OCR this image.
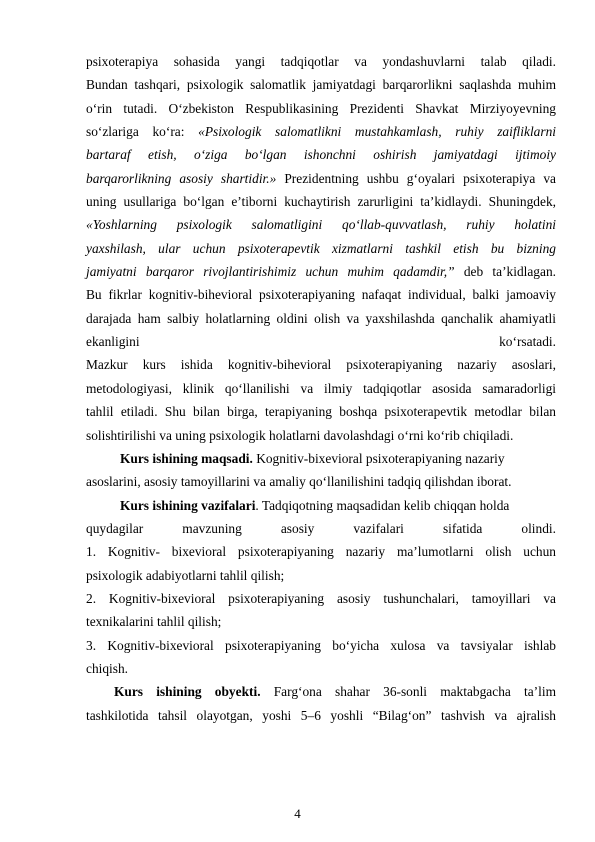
psixoterapiya sohasida yangi tadqiqotlar va yondashuvlarni talab qiladi.

Bundan tashqari, psixologik salomatlik jamiyatdagi barqarorlikni saqlashda muhim

o‘rin tutadi. O‘zbekiston Respublikasining Prezidenti Shavkat Mirziyoyevning

so‘zlariga ko‘ra: «Psixologik salomatlikni mustahkamlash, ruhiy zaifliklarni

bartaraf etish, o‘ziga bo‘lgan ishonchni oshirish jamiyatdagi ijtimoiy

barqarorlikning asosiy shartidir.» Prezidentning ushbu g‘oyalari psixoterapiya va

uning usullariga bo‘lgan e’tiborni kuchaytirish zarurligini ta’kidlaydi. Shuningdek,

«Yoshlarning psixologik salomatligini qo‘llab-quvvatlash, ruhiy holatini

yaxshilash, ular uchun psixoterapevtik xizmatlarni tashkil etish bu bizning

jamiyatni barqaror rivojlantirishimiz uchun muhim qadamdir,” deb ta’kidlagan.

Bu fikrlar kognitiv-bihevioral psixoterapiyaning nafaqat individual, balki jamoaviy

darajada ham salbiy holatlarning oldini olish va yaxshilashda qanchalik ahamiyatli

ekanligini	ko‘rsatadi.

Mazkur kurs ishida kognitiv-bihevioral psixoterapiyaning nazariy asoslari,

metodologiyasi, klinik qo‘llanilishi va ilmiy tadqiqotlar asosida samaradorligi

tahlil etiladi. Shu bilan birga, terapiyaning boshqa psixoterapevtik metodlar bilan

solishtirilishi va uning psixologik holatlarni davolashdagi o‘rni ko‘rib chiqiladi.

Kurs ishining maqsadi. Kognitiv-bixevioral psixoterapiyaning nazariy

asoslarini, asosiy tamoyillarini va amaliy qo‘llanilishini tadqiq qilishdan iborat.

Kurs ishining vazifalari. Tadqiqotning maqsadidan kelib chiqqan holda

quydagilar mavzuning asosiy vazifalari sifatida olindi.

1. Kognitiv- bixevioral psixoterapiyaning nazariy ma’lumotlarni olish uchun

psixologik adabiyotlarni tahlil qilish;

2. Kognitiv-bixevioral psixoterapiyaning asosiy tushunchalari, tamoyillari va

texnikalarini tahlil qilish;

3. Kognitiv-bixevioral psixoterapiyaning bo‘yicha xulosa va tavsiyalar ishlab

chiqish.

Kurs ishining obyekti. Farg‘ona shahar 36-sonli maktabgacha ta’lim

tashkilotida tahsil olayotgan, yoshi 5–6 yoshli “Bilag‘on” tashvish va ajralish

4
